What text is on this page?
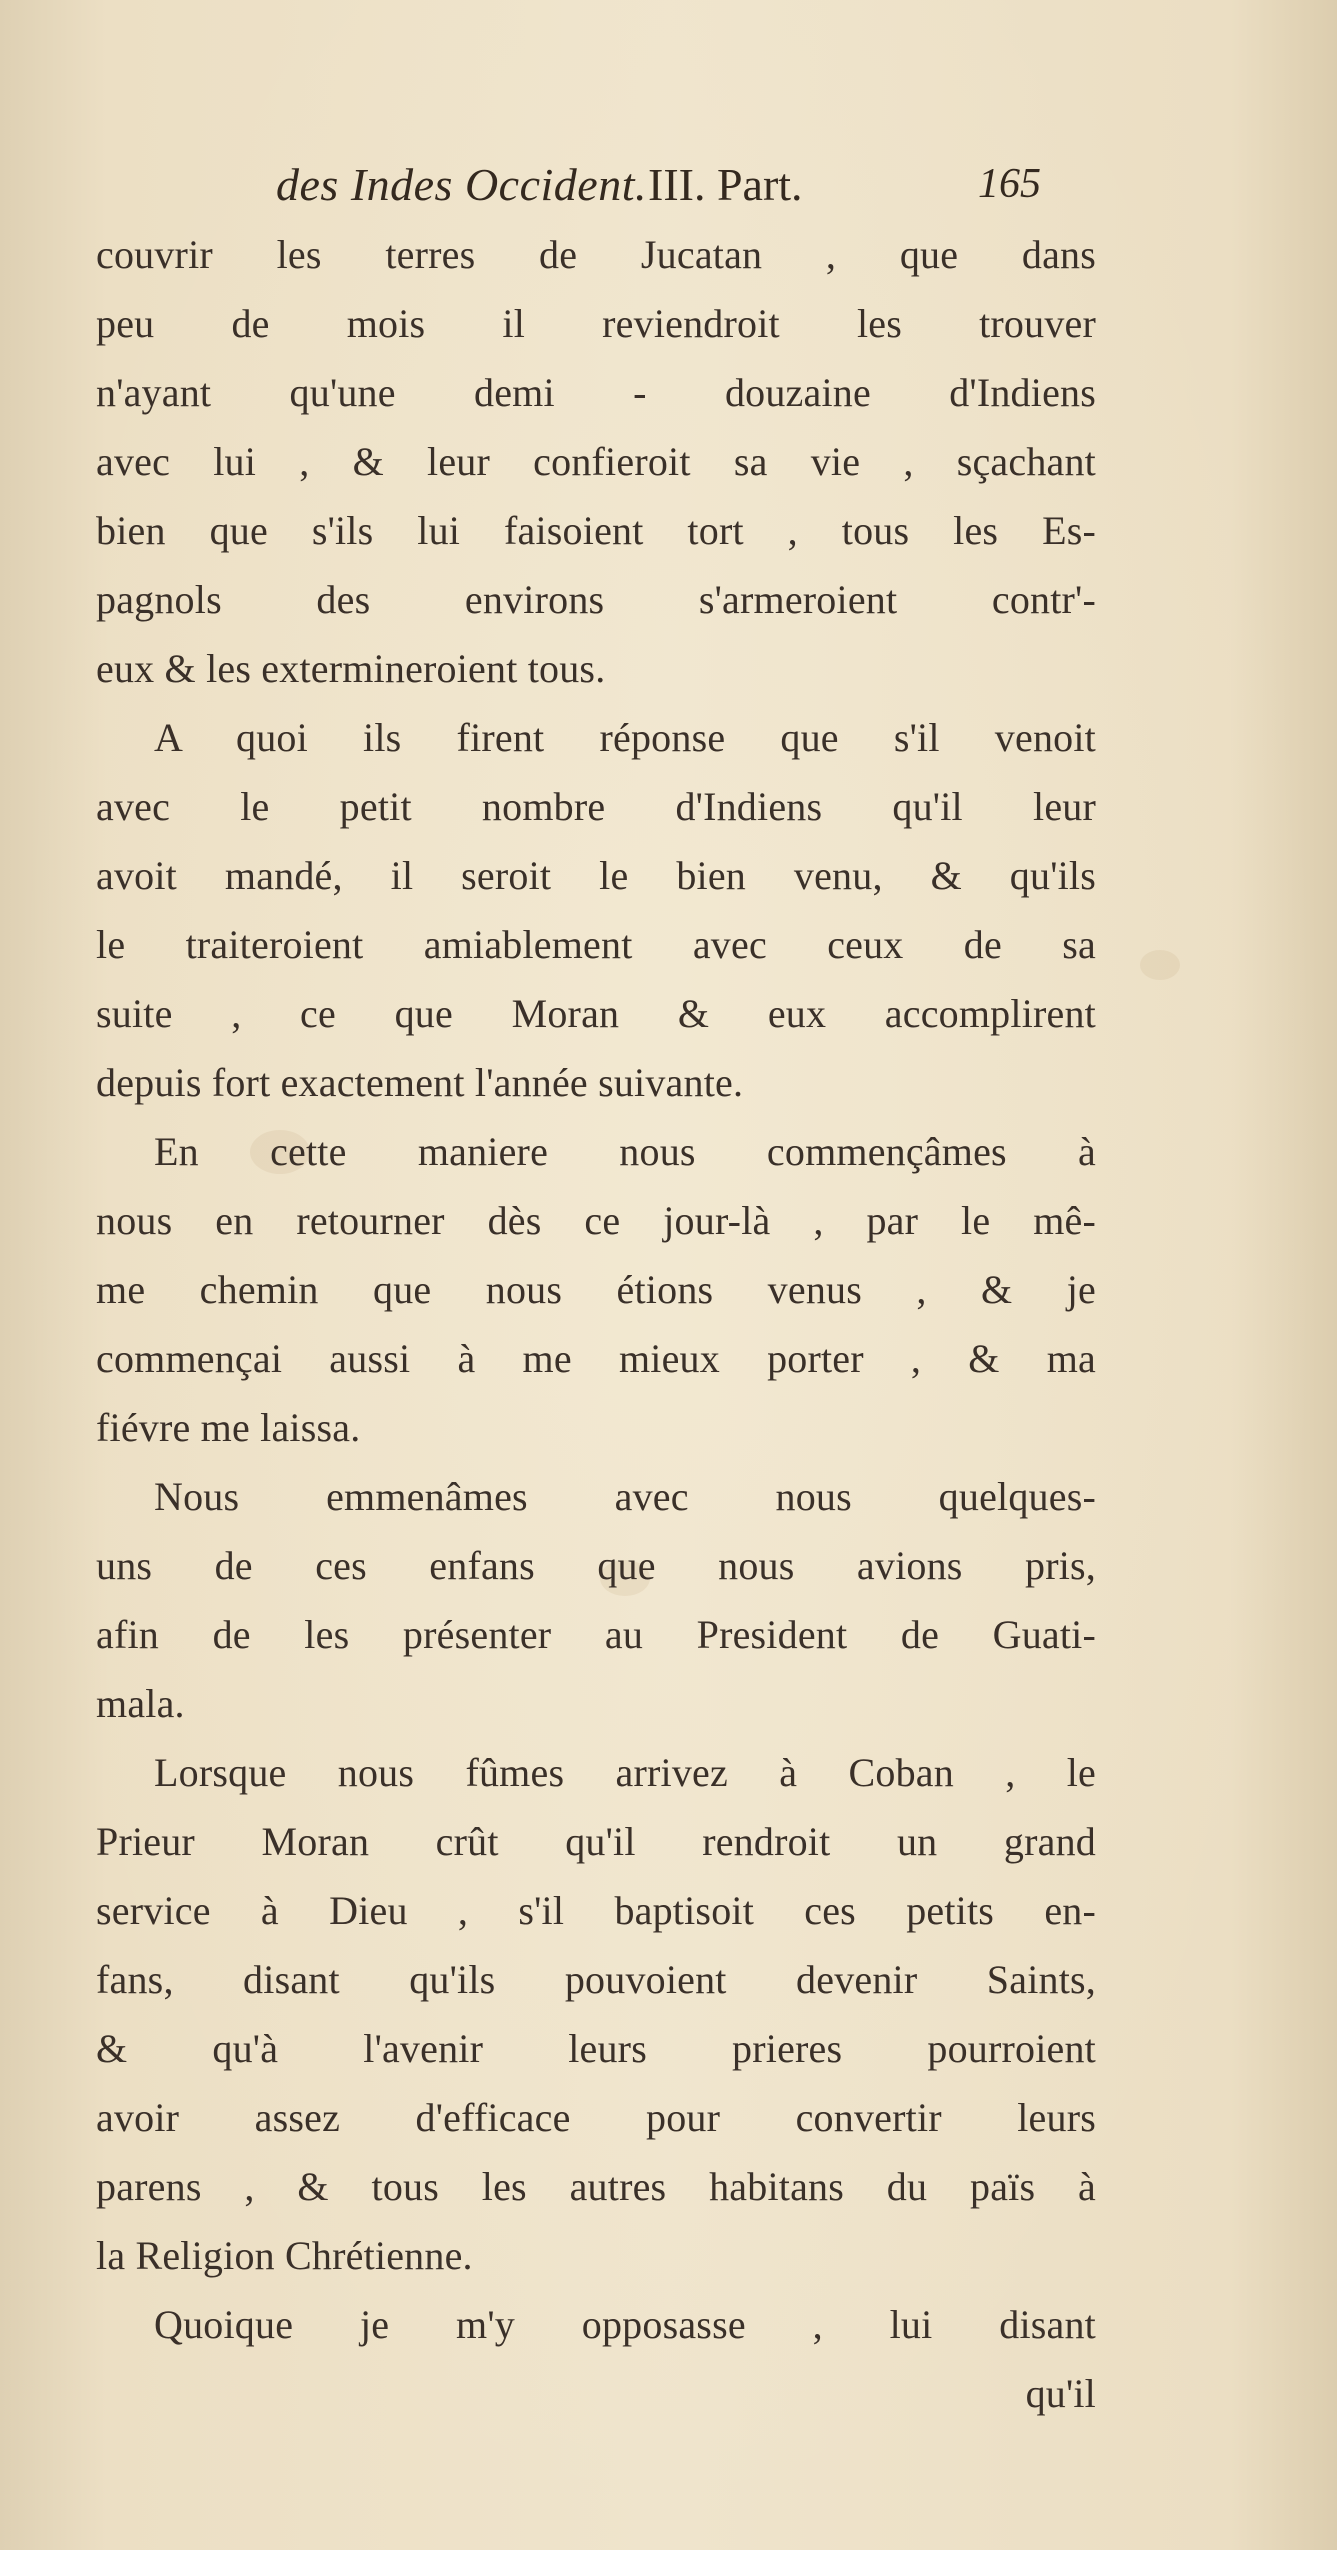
des Indes Occident. III. Part.	165
couvrir les terres de Jucatan , que dans
peu de mois il reviendroit les trouver
n'ayant qu'une demi - douzaine d'Indiens
avec lui , & leur confieroit sa vie , sçachant
bien que s'ils lui faisoient tort , tous les Es-
pagnols des environs s'armeroient contr'-
eux & les extermineroient tous.
A quoi ils firent réponse que s'il venoit
avec le petit nombre d'Indiens qu'il leur
avoit mandé, il seroit le bien venu, & qu'ils
le traiteroient amiablement avec ceux de sa
suite , ce que Moran & eux accomplirent
depuis fort exactement l'année suivante.
En cette maniere nous commençâmes à
nous en retourner dès ce jour-là , par le mê-
me chemin que nous étions venus , & je
commençai aussi à me mieux porter , & ma
fiévre me laissa.
Nous emmenâmes avec nous quelques-
uns de ces enfans que nous avions pris,
afin de les présenter au President de Guati-
mala.
Lorsque nous fûmes arrivez à Coban , le
Prieur Moran crût qu'il rendroit un grand
service à Dieu , s'il baptisoit ces petits en-
fans, disant qu'ils pouvoient devenir Saints,
& qu'à l'avenir leurs prieres pourroient
avoir assez d'efficace pour convertir leurs
parens , & tous les autres habitans du païs à
la Religion Chrétienne.
Quoique je m'y opposasse , lui disant
qu'il
